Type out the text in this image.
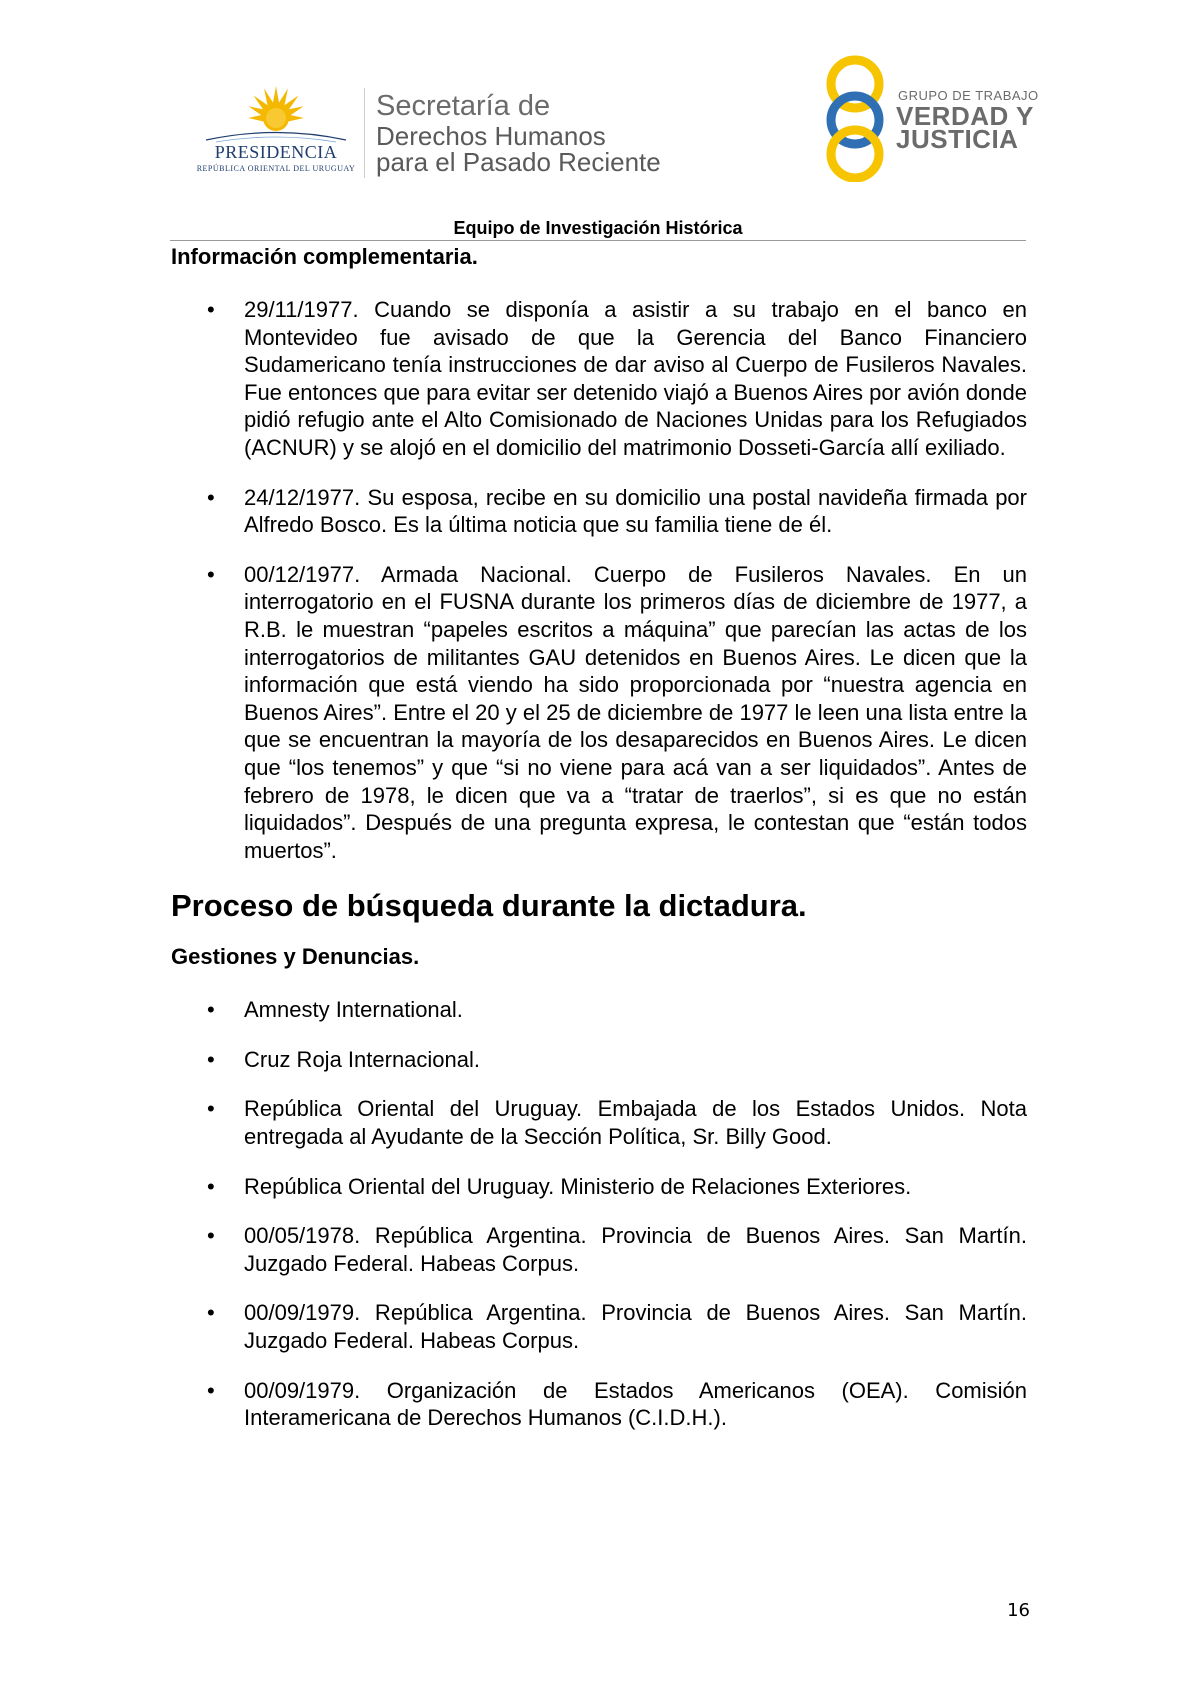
PRESIDENCIA
REPÚBLICA ORIENTAL DEL URUGUAY
Secretaría de
Derechos Humanos
para el Pasado Reciente
GRUPO DE TRABAJO
VERDAD Y
JUSTICIA
Equipo de Investigación Histórica

Información complementaria.

• 29/11/1977. Cuando se disponía a asistir a su trabajo en el banco en Montevideo fue avisado de que la Gerencia del Banco Financiero Sudamericano tenía instrucciones de dar aviso al Cuerpo de Fusileros Navales. Fue entonces que para evitar ser detenido viajó a Buenos Aires por avión donde pidió refugio ante el Alto Comisionado de Naciones Unidas para los Refugiados (ACNUR) y se alojó en el domicilio del matrimonio Dosseti-García allí exiliado.
• 24/12/1977. Su esposa, recibe en su domicilio una postal navideña firmada por Alfredo Bosco. Es la última noticia que su familia tiene de él.
• 00/12/1977. Armada Nacional. Cuerpo de Fusileros Navales. En un interrogatorio en el FUSNA durante los primeros días de diciembre de 1977, a R.B. le muestran “papeles escritos a máquina” que parecían las actas de los interrogatorios de militantes GAU detenidos en Buenos Aires. Le dicen que la información que está viendo ha sido proporcionada por “nuestra agencia en Buenos Aires”. Entre el 20 y el 25 de diciembre de 1977 le leen una lista entre la que se encuentran la mayoría de los desaparecidos en Buenos Aires. Le dicen que “los tenemos” y que “si no viene para acá van a ser liquidados”. Antes de febrero de 1978, le dicen que va a “tratar de traerlos”, si es que no están liquidados”. Después de una pregunta expresa, le contestan que “están todos muertos”.
Proceso de búsqueda durante la dictadura.

Gestiones y Denuncias.

• Amnesty International.
• Cruz Roja Internacional.
• República Oriental del Uruguay. Embajada de los Estados Unidos. Nota entregada al Ayudante de la Sección Política, Sr. Billy Good.
• República Oriental del Uruguay. Ministerio de Relaciones Exteriores.
• 00/05/1978. República Argentina. Provincia de Buenos Aires. San Martín. Juzgado Federal. Habeas Corpus.
• 00/09/1979. República Argentina. Provincia de Buenos Aires. San Martín. Juzgado Federal. Habeas Corpus.
• 00/09/1979. Organización de Estados Americanos (OEA). Comisión Interamericana de Derechos Humanos (C.I.D.H.).
16
